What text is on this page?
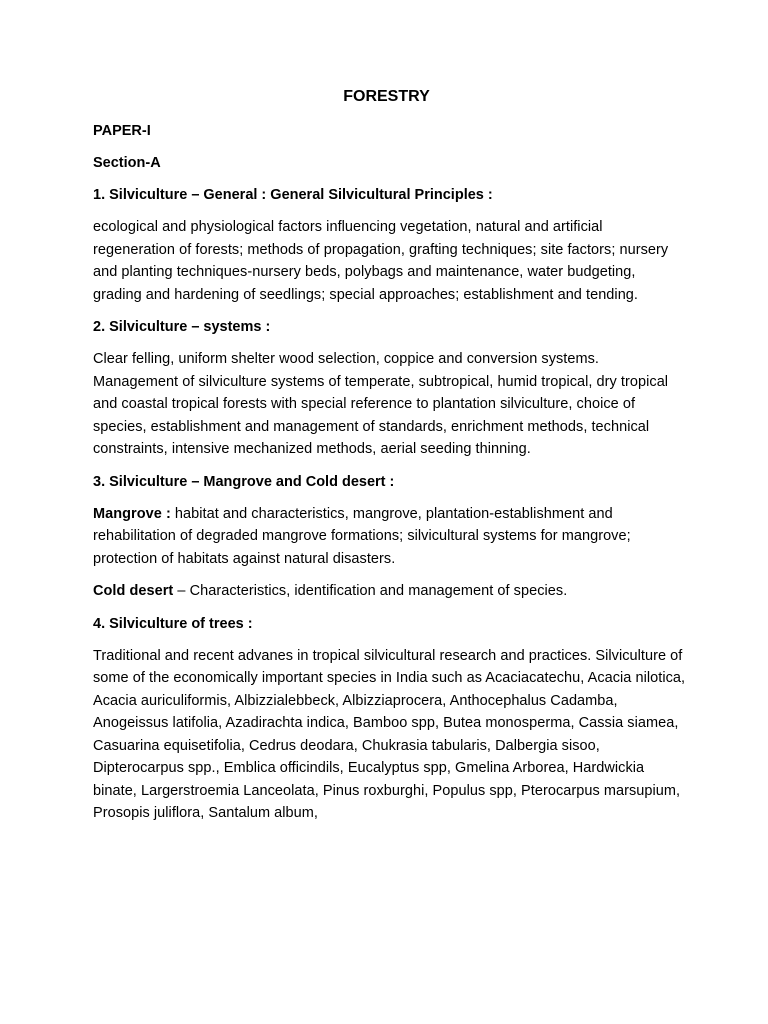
FORESTRY
PAPER-I
Section-A
1. Silviculture – General : General Silvicultural Principles :
ecological and physiological factors influencing vegetation, natural and artificial regeneration of forests; methods of propagation, grafting techniques; site factors; nursery and planting techniques-nursery beds, polybags and maintenance, water budgeting, grading and hardening of seedlings; special approaches; establishment and tending.
2. Silviculture – systems :
Clear felling, uniform shelter wood selection, coppice and conversion systems. Management of silviculture systems of temperate, subtropical, humid tropical, dry tropical and coastal tropical forests with special reference to plantation silviculture, choice of species, establishment and management of standards, enrichment methods, technical constraints, intensive mechanized methods, aerial seeding thinning.
3. Silviculture – Mangrove and Cold desert :
Mangrove : habitat and characteristics, mangrove, plantation-establishment and rehabilitation of degraded mangrove formations; silvicultural systems for mangrove; protection of habitats against natural disasters.
Cold desert – Characteristics, identification and management of species.
4. Silviculture of trees :
Traditional and recent advanes in tropical silvicultural research and practices. Silviculture of some of the economically important species in India such as Acaciacatechu, Acacia nilotica, Acacia auriculiformis, Albizzialebbeck, Albizziaprocera, Anthocephalus Cadamba, Anogeissus latifolia, Azadirachta indica, Bamboo spp, Butea monosperma, Cassia siamea, Casuarina equisetifolia, Cedrus deodara, Chukrasia tabularis, Dalbergia sisoo, Dipterocarpus spp., Emblica officindils, Eucalyptus spp, Gmelina Arborea, Hardwickia binate, Largerstroemia Lanceolata, Pinus roxburghi, Populus spp, Pterocarpus marsupium, Prosopis juliflora, Santalum album,
